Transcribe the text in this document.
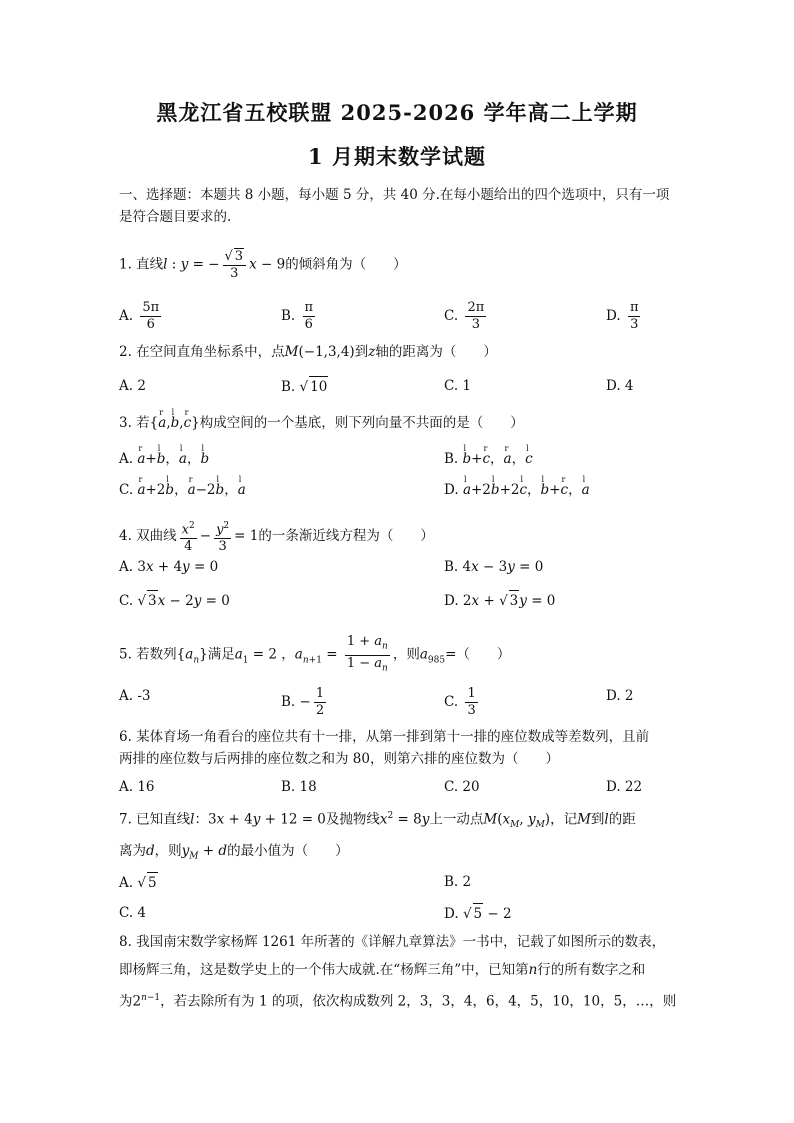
黑龙江省五校联盟 2025-2026 学年高二上学期
1 月期末数学试题
一、选择题：本题共 8 小题，每小题 5 分，共 40 分.在每小题给出的四个选项中，只有一项
是符合题目要求的.
1. 直线l : y = − $\frac{√ 3}{3}$ x − 9的倾斜角为（　　）
A. $\frac{5\pi}{6}$	B. $\frac{\pi}{6}$	C. $\frac{2\pi}{3}$	D. $\frac{\pi}{3}$
2. 在空间直角坐标系中，点M(−1,3,4)到z轴的距离为（　　）
A. 2	B. √ 10	C. 1	D. 4
3. 若{r a,l b,r c}构成空间的一个基底，则下列向量不共面的是（　　）
A. r a+l b，l a，l b	B. l b+r c，r a，l c
C. r a+2l b，r a−2l b，l a	D. l a+2l b+2l c，l b+r c，l a
4. 双曲线 $\frac{x^2}{4} - \frac{y^2}{3} = 1$的一条渐近线方程为（　　）
A. 3x + 4y = 0	B. 4x − 3y = 0
C. √ 3x − 2y = 0	D. 2x + √ 3y = 0
5. 若数列$\{a_n\}$满足$a_1 = 2$ ，$a_{n+1} = \frac{1 + a_n}{1 - a_n}$ ，则$a_{985}=$（　　）
A. -3	B. − $\frac{1}{2}$	C. $\frac{1}{3}$	D. 2
6. 某体育场一角看台的座位共有十一排，从第一排到第十一排的座位数成等差数列，且前
两排的座位数与后两排的座位数之和为 80，则第六排的座位数为（　　）
A. 16	B. 18	C. 20	D. 22
7. 已知直线l：3x + 4y + 12 = 0及抛物线$x^2 = 8y$上一动点$M(x_M$, $y_M$)，记M到l的距
离为d，则$y_M + d$的最小值为（　　）
A. √ 5	B. 2
C. 4	D. √ 5 − 2
8. 我国南宋数学家杨辉 1261 年所著的《详解九章算法》一书中，记载了如图所示的数表，
即杨辉三角，这是数学史上的一个伟大成就.在“杨辉三角”中，已知第n行的所有数字之和
为$2^{n-1}$，若去除所有为 1 的项，依次构成数列 2，3，3，4，6，4，5，10，10，5，…，则
